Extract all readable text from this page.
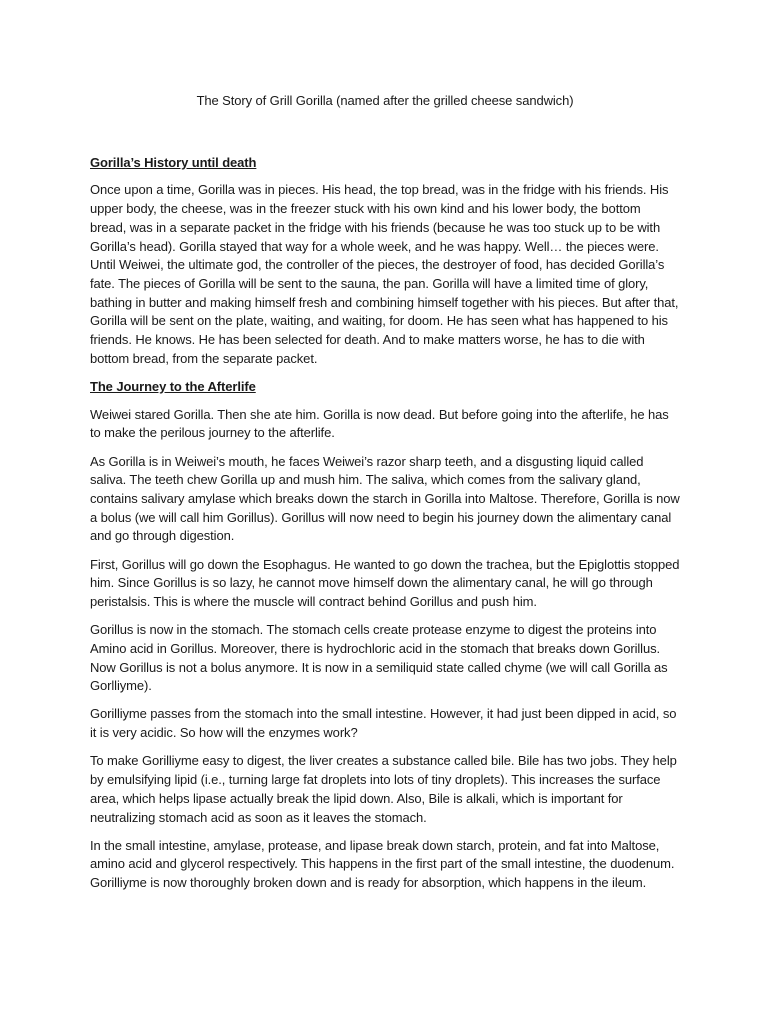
The Story of Grill Gorilla (named after the grilled cheese sandwich)

Gorilla’s History until death

Once upon a time, Gorilla was in pieces. His head, the top bread, was in the fridge with his friends. His upper body, the cheese, was in the freezer stuck with his own kind and his lower body, the bottom bread, was in a separate packet in the fridge with his friends (because he was too stuck up to be with Gorilla’s head). Gorilla stayed that way for a whole week, and he was happy. Well… the pieces were. Until Weiwei, the ultimate god, the controller of the pieces, the destroyer of food, has decided Gorilla’s fate. The pieces of Gorilla will be sent to the sauna, the pan. Gorilla will have a limited time of glory, bathing in butter and making himself fresh and combining himself together with his pieces. But after that, Gorilla will be sent on the plate, waiting, and waiting, for doom. He has seen what has happened to his friends. He knows. He has been selected for death. And to make matters worse, he has to die with bottom bread, from the separate packet.

The Journey to the Afterlife

Weiwei stared Gorilla. Then she ate him. Gorilla is now dead. But before going into the afterlife, he has to make the perilous journey to the afterlife.

As Gorilla is in Weiwei’s mouth, he faces Weiwei’s razor sharp teeth, and a disgusting liquid called saliva. The teeth chew Gorilla up and mush him. The saliva, which comes from the salivary gland, contains salivary amylase which breaks down the starch in Gorilla into Maltose. Therefore, Gorilla is now a bolus (we will call him Gorillus). Gorillus will now need to begin his journey down the alimentary canal and go through digestion.

First, Gorillus will go down the Esophagus. He wanted to go down the trachea, but the Epiglottis stopped him. Since Gorillus is so lazy, he cannot move himself down the alimentary canal, he will go through peristalsis. This is where the muscle will contract behind Gorillus and push him.

Gorillus is now in the stomach. The stomach cells create protease enzyme to digest the proteins into Amino acid in Gorillus. Moreover, there is hydrochloric acid in the stomach that breaks down Gorillus. Now Gorillus is not a bolus anymore. It is now in a semiliquid state called chyme (we will call Gorilla as Gorlliyme).

Gorilliyme passes from the stomach into the small intestine. However, it had just been dipped in acid, so it is very acidic. So how will the enzymes work?

To make Gorilliyme easy to digest, the liver creates a substance called bile. Bile has two jobs. They help by emulsifying lipid (i.e., turning large fat droplets into lots of tiny droplets). This increases the surface area, which helps lipase actually break the lipid down. Also, Bile is alkali, which is important for neutralizing stomach acid as soon as it leaves the stomach.

In the small intestine, amylase, protease, and lipase break down starch, protein, and fat into Maltose, amino acid and glycerol respectively. This happens in the first part of the small intestine, the duodenum. Gorilliyme is now thoroughly broken down and is ready for absorption, which happens in the ileum.
